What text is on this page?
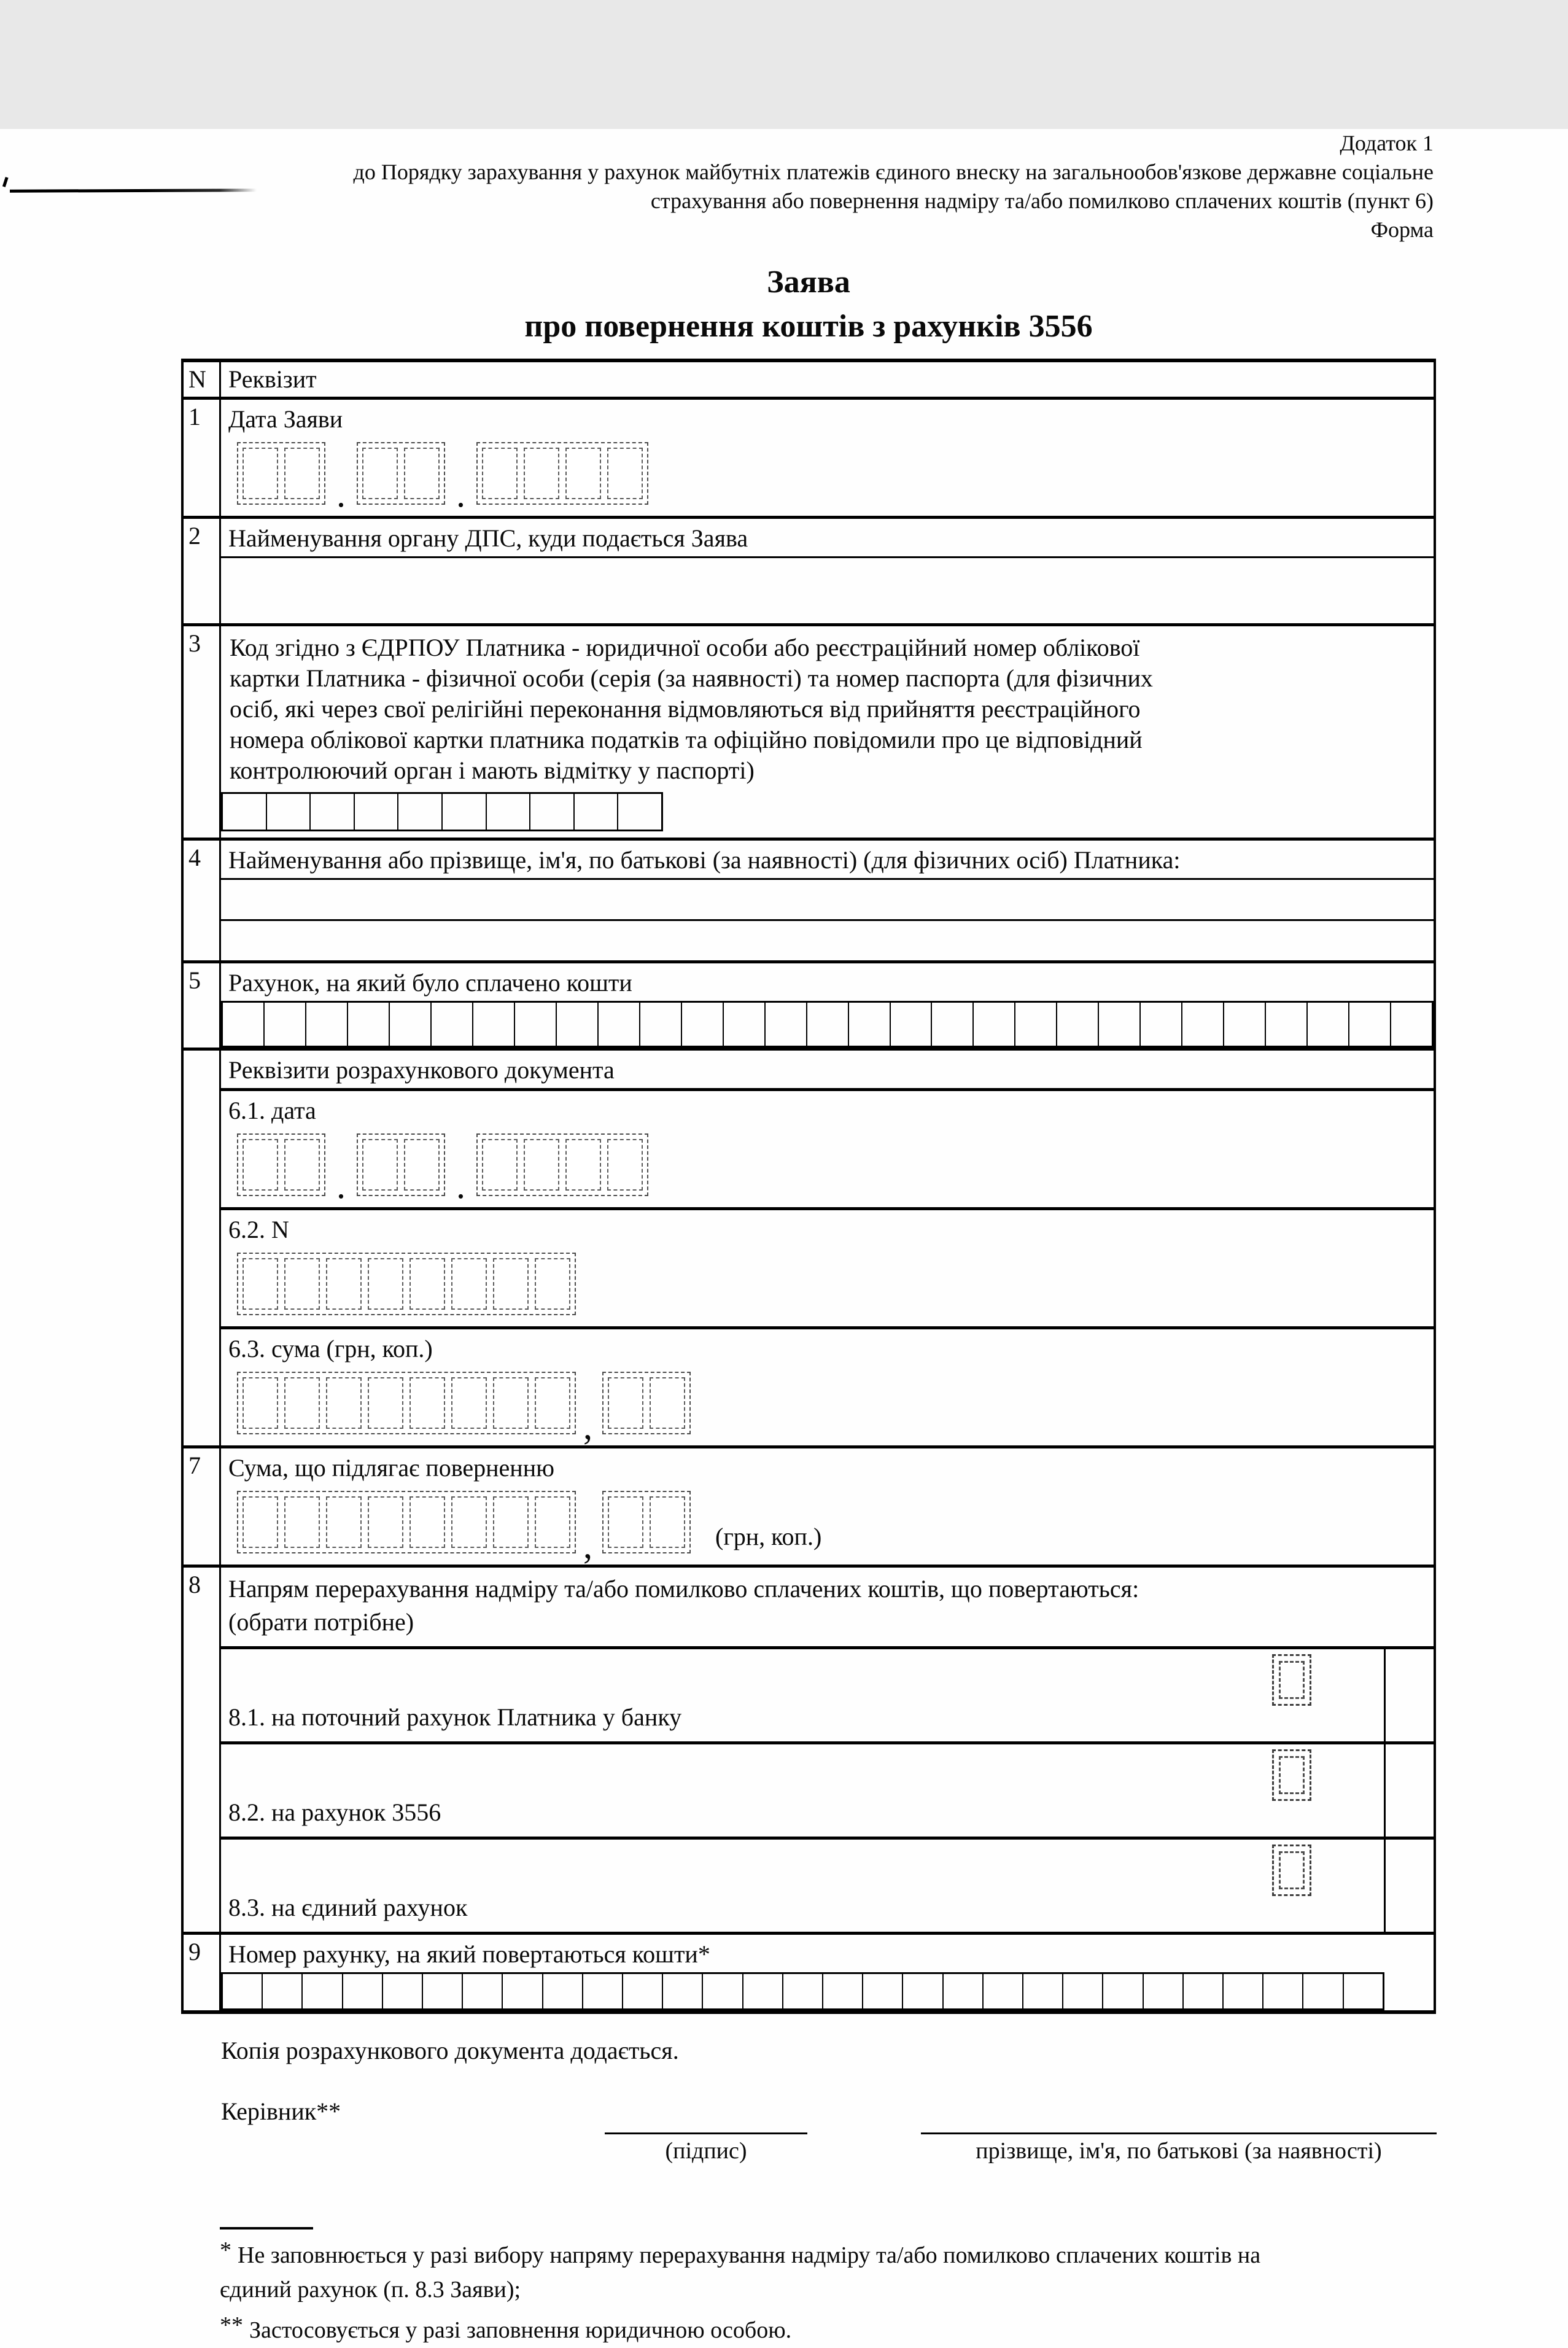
Додаток 1
до Порядку зарахування у рахунок майбутніх платежів єдиного внеску на загальнообов'язкове державне соціальне
страхування або повернення надміру та/або помилково сплачених коштів (пункт 6)
Форма
Заява
про повернення коштів з рахунків 3556
N Реквізит
1	Дата Заяви
.	.
2	Найменування органу ДПС, куди подається Заява
3	Код згідно з ЄДРПОУ Платника - юридичної особи або реєстраційний номер облікової
картки Платника - фізичної особи (серія (за наявності) та номер паспорта (для фізичних
осіб, які через свої релігійні переконання відмовляються від прийняття реєстраційного
номера облікової картки платника податків та офіційно повідомили про це відповідний
контролюючий орган і мають відмітку у паспорті)
4	Найменування або прізвище, ім'я, по батькові (за наявності) (для фізичних осіб) Платника:
5	Рахунок, на який було сплачено кошти
Реквізити розрахункового документа
6.1. дата
.	.
6.2. N
6.3. сума (грн, коп.)
,
7	Сума, що підлягає поверненню
,	(грн, коп.)
8	Напрям перерахування надміру та/або помилково сплачених коштів, що повертаються:
(обрати потрібне)
8.1. на поточний рахунок Платника у банку
8.2. на рахунок 3556
8.3. на єдиний рахунок
9	Номер рахунку, на який повертаються кошти*
Копія розрахункового документа додається.
Керівник**
(підпис)	прізвище, ім'я, по батькові (за наявності)
* Не заповнюється у разі вибору напряму перерахування надміру та/або помилково сплачених коштів на
єдиний рахунок (п. 8.3 Заяви);
** Застосовується у разі заповнення юридичною особою.
